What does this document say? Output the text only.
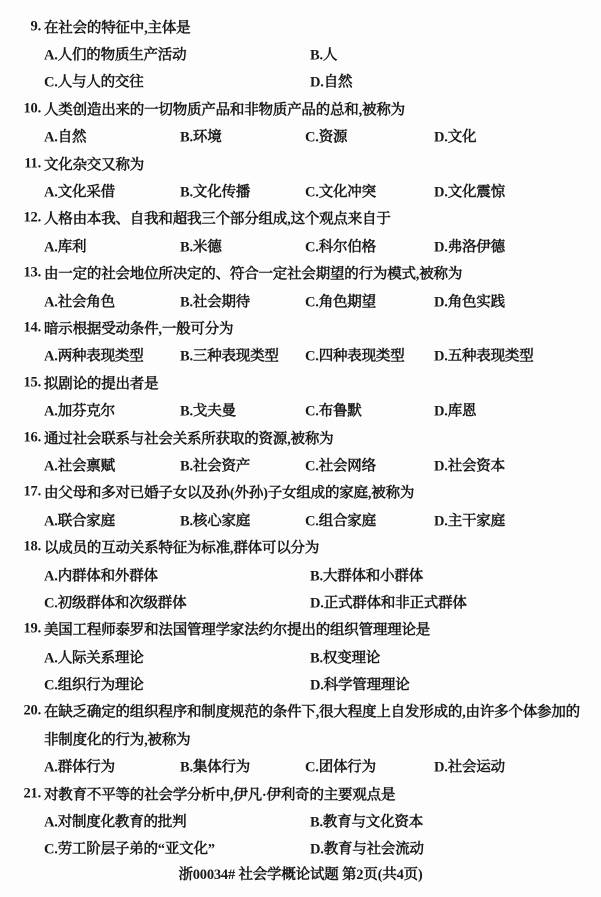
9. 在社会的特征中,主体是
A.人们的物质生产活动	B.人
C.人与人的交往	D.自然
10. 人类创造出来的一切物质产品和非物质产品的总和,被称为
A.自然	B.环境	C.资源	D.文化
11. 文化杂交又称为
A.文化采借	B.文化传播	C.文化冲突	D.文化震惊
12. 人格由本我、自我和超我三个部分组成,这个观点来自于
A.库利	B.米德	C.科尔伯格	D.弗洛伊德
13. 由一定的社会地位所决定的、符合一定社会期望的行为模式,被称为
A.社会角色	B.社会期待	C.角色期望	D.角色实践
14. 暗示根据受动条件,一般可分为
A.两种表现类型	B.三种表现类型 C.四种表现类型 D.五种表现类型
15. 拟剧论的提出者是
A.加芬克尔	B.戈夫曼	C.布鲁默	D.库恩
16. 通过社会联系与社会关系所获取的资源,被称为
A.社会禀赋	B.社会资产	C.社会网络	D.社会资本
17. 由父母和多对已婚子女以及孙(外孙)子女组成的家庭,被称为
A.联合家庭	B.核心家庭	C.组合家庭	D.主干家庭
18. 以成员的互动关系特征为标准,群体可以分为
A.内群体和外群体	B.大群体和小群体
C.初级群体和次级群体	D.正式群体和非正式群体
19. 美国工程师泰罗和法国管理学家法约尔提出的组织管理理论是
A.人际关系理论	B.权变理论
C.组织行为理论	D.科学管理理论
20. 在缺乏确定的组织程序和制度规范的条件下,很大程度上自发形成的,由许多个体参加的
非制度化的行为,被称为
A.群体行为	B.集体行为	C.团体行为	D.社会运动
21. 对教育不平等的社会学分析中,伊凡·伊利奇的主要观点是
A.对制度化教育的批判	B.教育与文化资本
C.劳工阶层子弟的“亚文化”	D.教育与社会流动
浙00034# 社会学概论试题 第2页(共4页)
